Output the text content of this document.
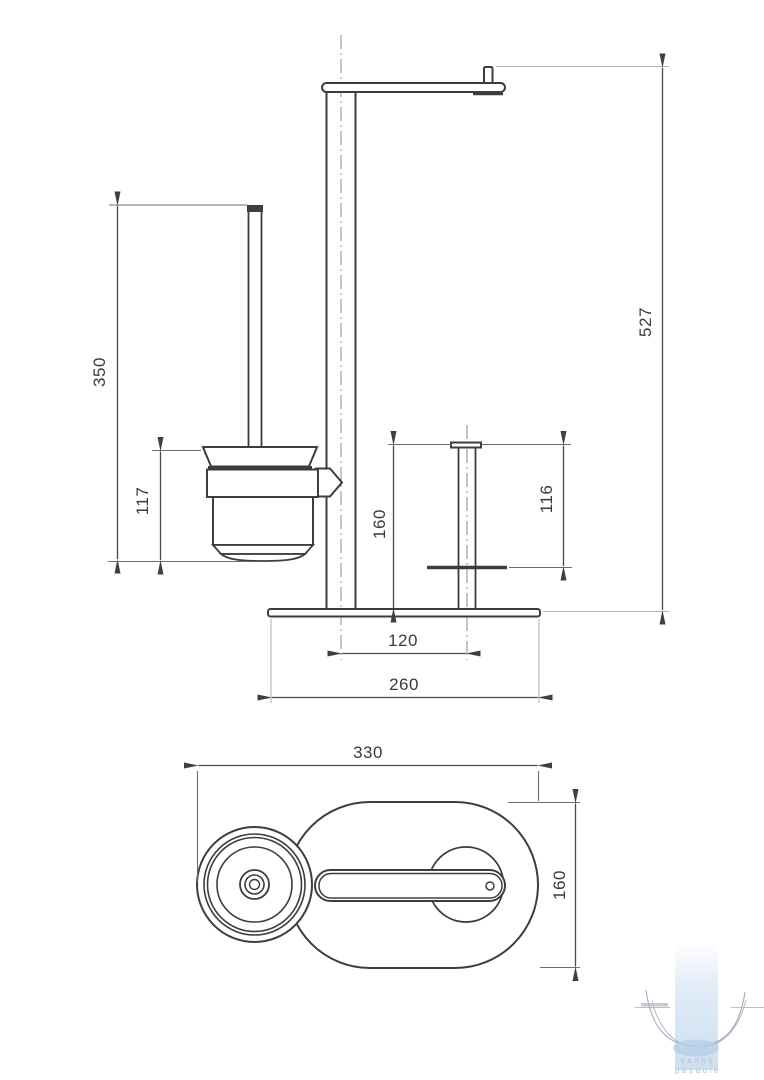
vannu
pasaule
350
117
160
116
527
120
260
330
160
